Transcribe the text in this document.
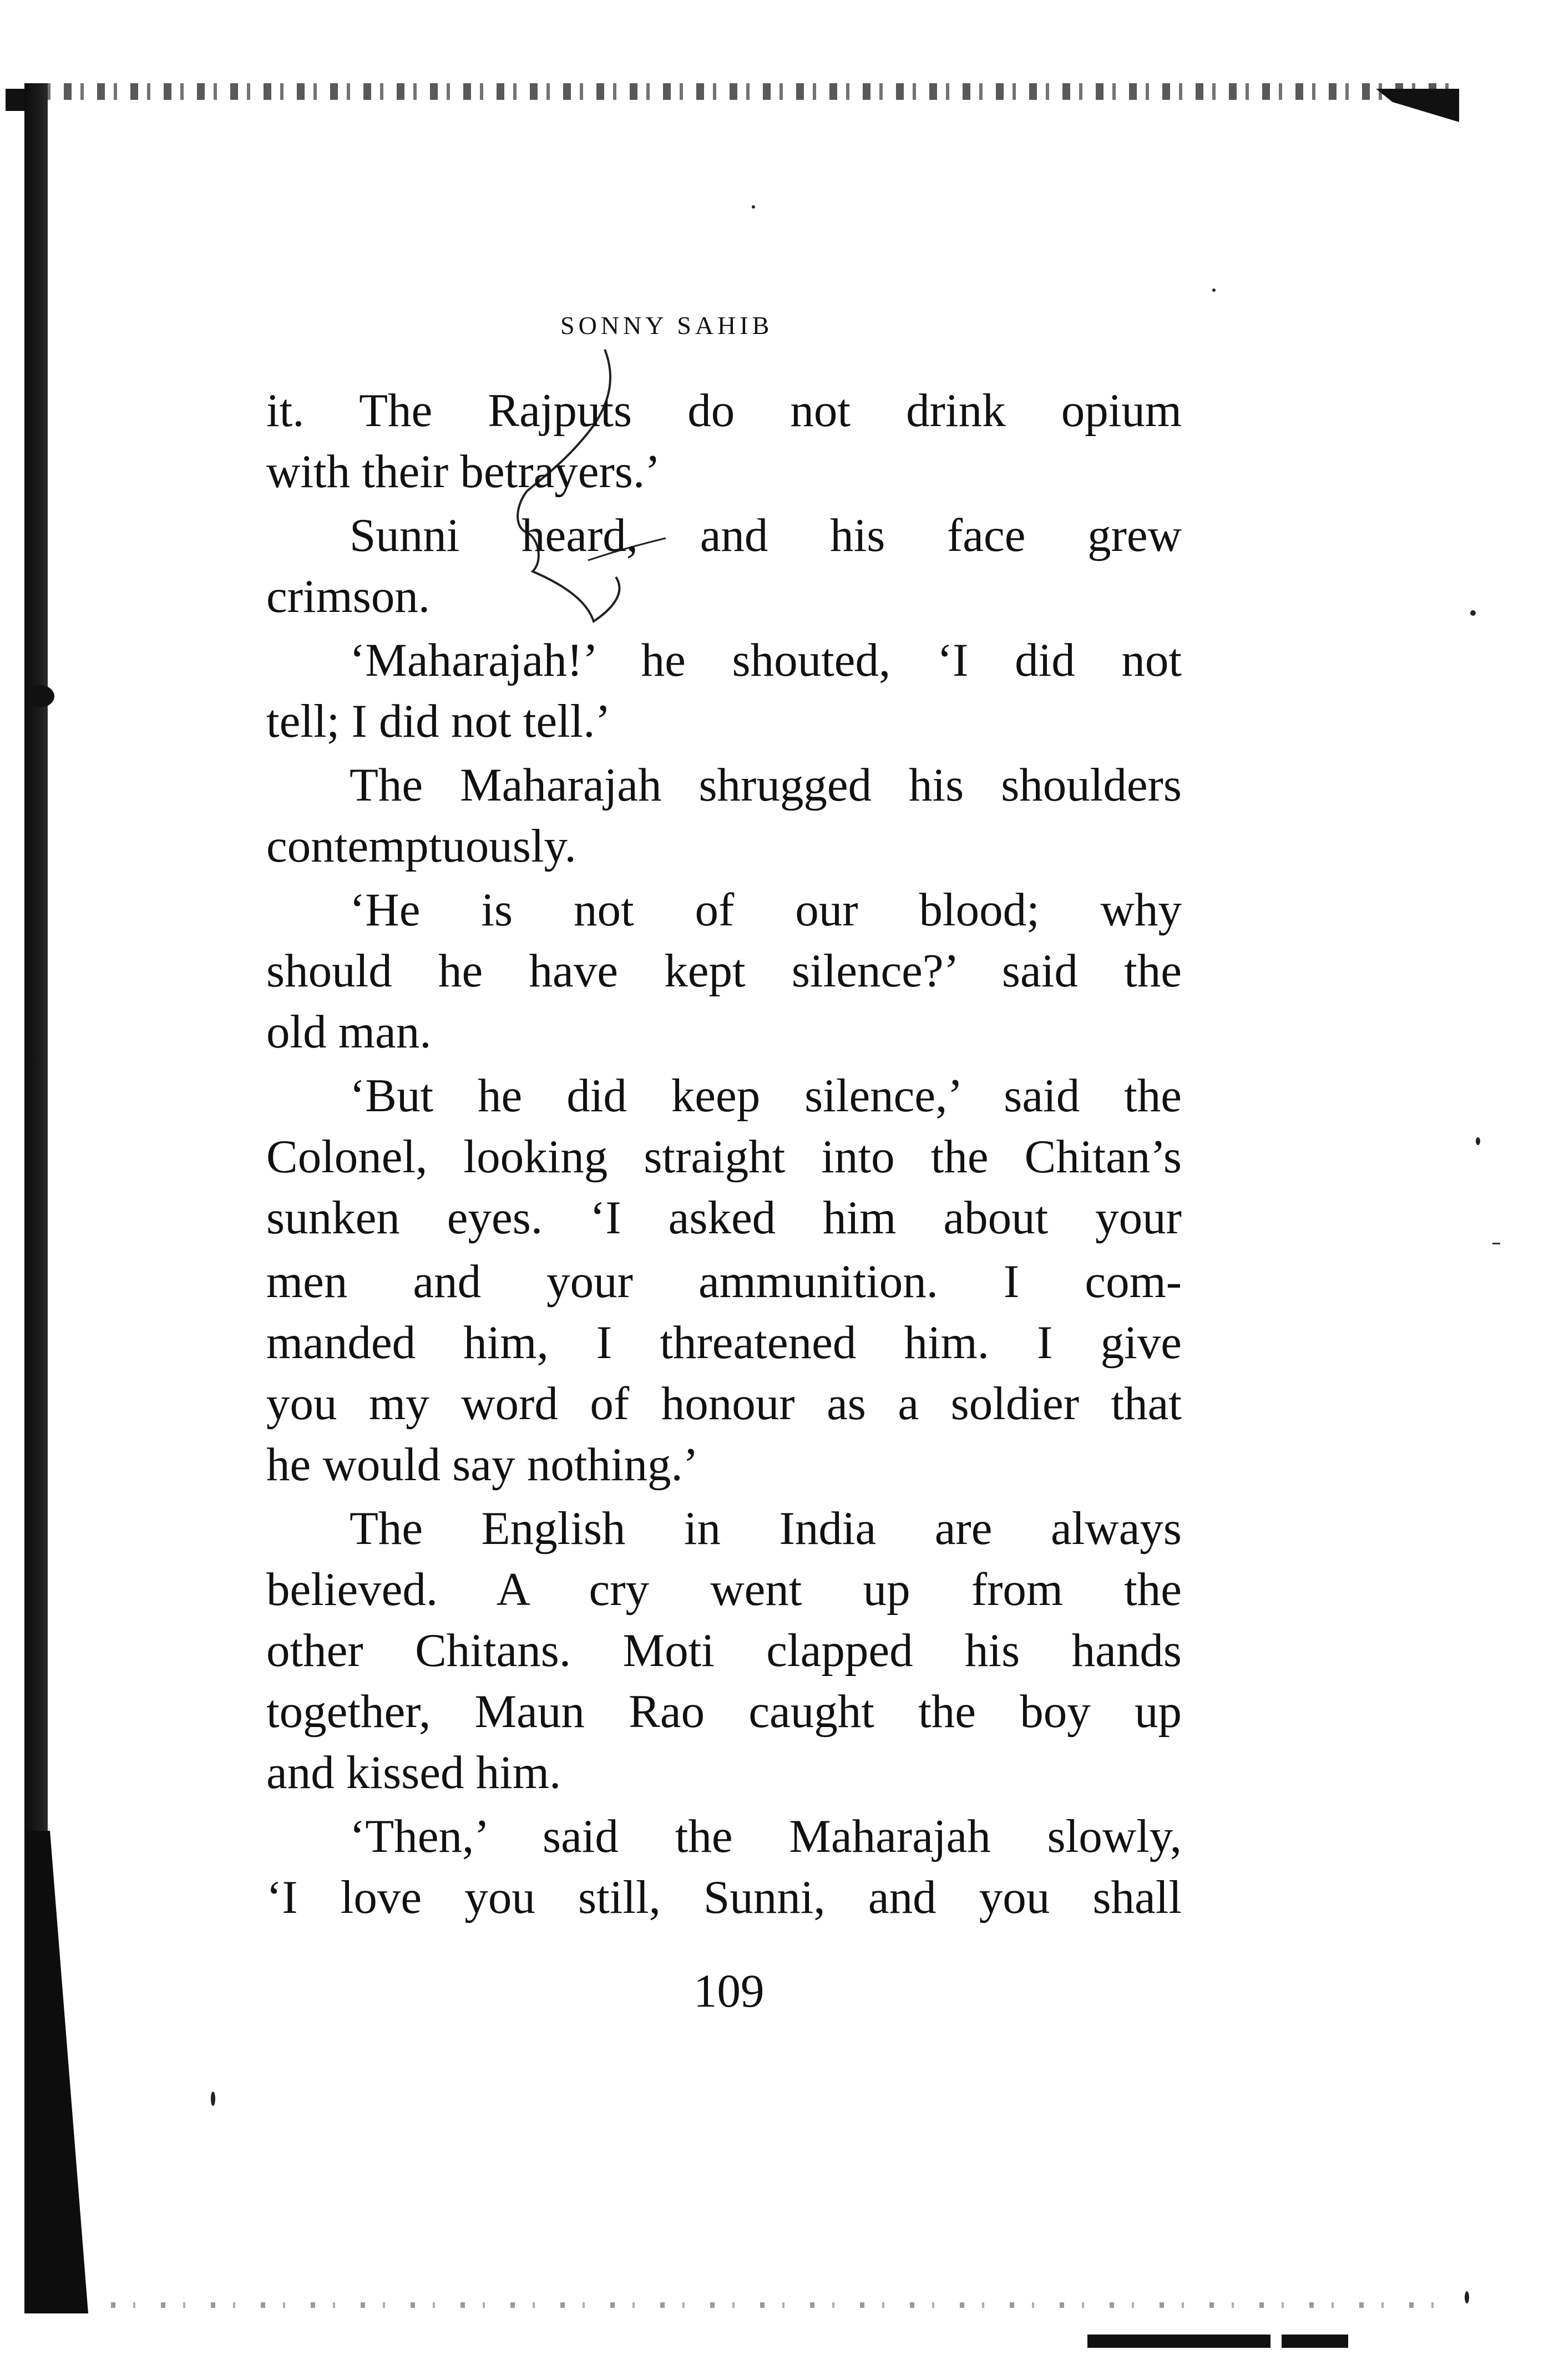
SONNY SAHIB
it. The Rajputs do not drink opium
with their betrayers.’
Sunni heard, and his face grew
crimson.
‘Maharajah!’ he shouted, ‘I did not
tell; I did not tell.’
The Maharajah shrugged his shoulders
contemptuously.
‘He is not of our blood; why
should he have kept silence?’ said the
old man.
‘But he did keep silence,’ said the
Colonel, looking straight into the Chitan’s
sunken eyes. ‘I asked him about your
men and your ammunition. I com-
manded him, I threatened him. I give
you my word of honour as a soldier that
he would say nothing.’
The English in India are always
believed. A cry went up from the
other Chitans. Moti clapped his hands
together, Maun Rao caught the boy up
and kissed him.
‘Then,’ said the Maharajah slowly,
‘I love you still, Sunni, and you shall
109
